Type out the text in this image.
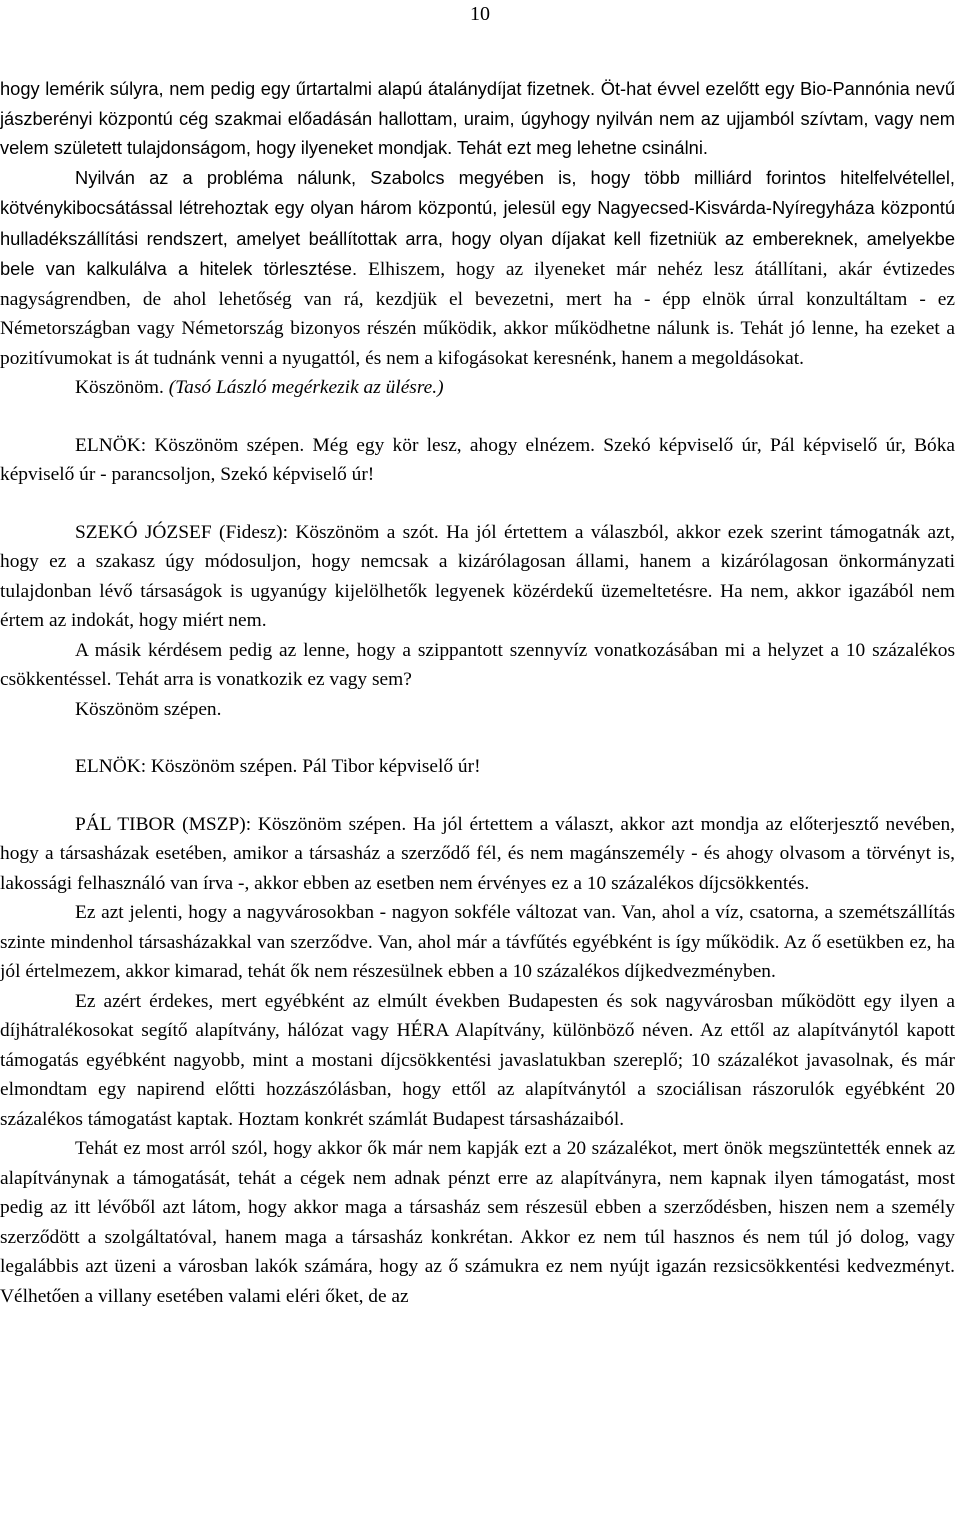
10

hogy lemérik súlyra, nem pedig egy űrtartalmi alapú átalánydíjat fizetnek. Öt-hat évvel ezelőtt egy Bio-Pannónia nevű jászberényi központú cég szakmai előadásán hallottam, uraim, úgyhogy nyilván nem az ujjamból szívtam, vagy nem velem született tulajdonságom, hogy ilyeneket mondjak. Tehát ezt meg lehetne csinálni.

Nyilván az a probléma nálunk, Szabolcs megyében is, hogy több milliárd forintos hitelfelvétellel, kötvénykibocsátással létrehoztak egy olyan három központú, jelesül egy Nagyecsed-Kisvárda-Nyíregyháza központú hulladékszállítási rendszert, amelyet beállítottak arra, hogy olyan díjakat kell fizetniük az embereknek, amelyekbe bele van kalkulálva a hitelek törlesztése. Elhiszem, hogy az ilyeneket már nehéz lesz átállítani, akár évtizedes nagyságrendben, de ahol lehetőség van rá, kezdjük el bevezetni, mert ha - épp elnök úrral konzultáltam - ez Németországban vagy Németország bizonyos részén működik, akkor működhetne nálunk is. Tehát jó lenne, ha ezeket a pozitívumokat is át tudnánk venni a nyugattól, és nem a kifogásokat keresnénk, hanem a megoldásokat.

Köszönöm. (Tasó László megérkezik az ülésre.)

ELNÖK: Köszönöm szépen. Még egy kör lesz, ahogy elnézem. Szekó képviselő úr, Pál képviselő úr, Bóka képviselő úr - parancsoljon, Szekó képviselő úr!

SZEKÓ JÓZSEF (Fidesz): Köszönöm a szót. Ha jól értettem a válaszból, akkor ezek szerint támogatnák azt, hogy ez a szakasz úgy módosuljon, hogy nemcsak a kizárólagosan állami, hanem a kizárólagosan önkormányzati tulajdonban lévő társaságok is ugyanúgy kijelölhetők legyenek közérdekű üzemeltetésre. Ha nem, akkor igazából nem értem az indokát, hogy miért nem.

A másik kérdésem pedig az lenne, hogy a szippantott szennyvíz vonatkozásában mi a helyzet a 10 százalékos csökkentéssel. Tehát arra is vonatkozik ez vagy sem?

Köszönöm szépen.

ELNÖK: Köszönöm szépen. Pál Tibor képviselő úr!

PÁL TIBOR (MSZP): Köszönöm szépen. Ha jól értettem a választ, akkor azt mondja az előterjesztő nevében, hogy a társasházak esetében, amikor a társasház a szerződő fél, és nem magánszemély - és ahogy olvasom a törvényt is, lakossági felhasználó van írva -, akkor ebben az esetben nem érvényes ez a 10 százalékos díjcsökkentés.

Ez azt jelenti, hogy a nagyvárosokban - nagyon sokféle változat van. Van, ahol a víz, csatorna, a szemétszállítás szinte mindenhol társasházakkal van szerződve. Van, ahol már a távfűtés egyébként is így működik. Az ő esetükben ez, ha jól értelmezem, akkor kimarad, tehát ők nem részesülnek ebben a 10 százalékos díjkedvezményben.

Ez azért érdekes, mert egyébként az elmúlt években Budapesten és sok nagyvárosban működött egy ilyen a díjhátralékosokat segítő alapítvány, hálózat vagy HÉRA Alapítvány, különböző néven. Az ettől az alapítványtól kapott támogatás egyébként nagyobb, mint a mostani díjcsökkentési javaslatukban szereplő; 10 százalékot javasolnak, és már elmondtam egy napirend előtti hozzászólásban, hogy ettől az alapítványtól a szociálisan rászorulók egyébként 20 százalékos támogatást kaptak. Hoztam konkrét számlát Budapest társasházaiból.

Tehát ez most arról szól, hogy akkor ők már nem kapják ezt a 20 százalékot, mert önök megszüntették ennek az alapítványnak a támogatását, tehát a cégek nem adnak pénzt erre az alapítványra, nem kapnak ilyen támogatást, most pedig az itt lévőből azt látom, hogy akkor maga a társasház sem részesül ebben a szerződésben, hiszen nem a személy szerződött a szolgáltatóval, hanem maga a társasház konkrétan. Akkor ez nem túl hasznos és nem túl jó dolog, vagy legalábbis azt üzeni a városban lakók számára, hogy az ő számukra ez nem nyújt igazán rezsicsökkentési kedvezményt. Vélhetően a villany esetében valami eléri őket, de az
